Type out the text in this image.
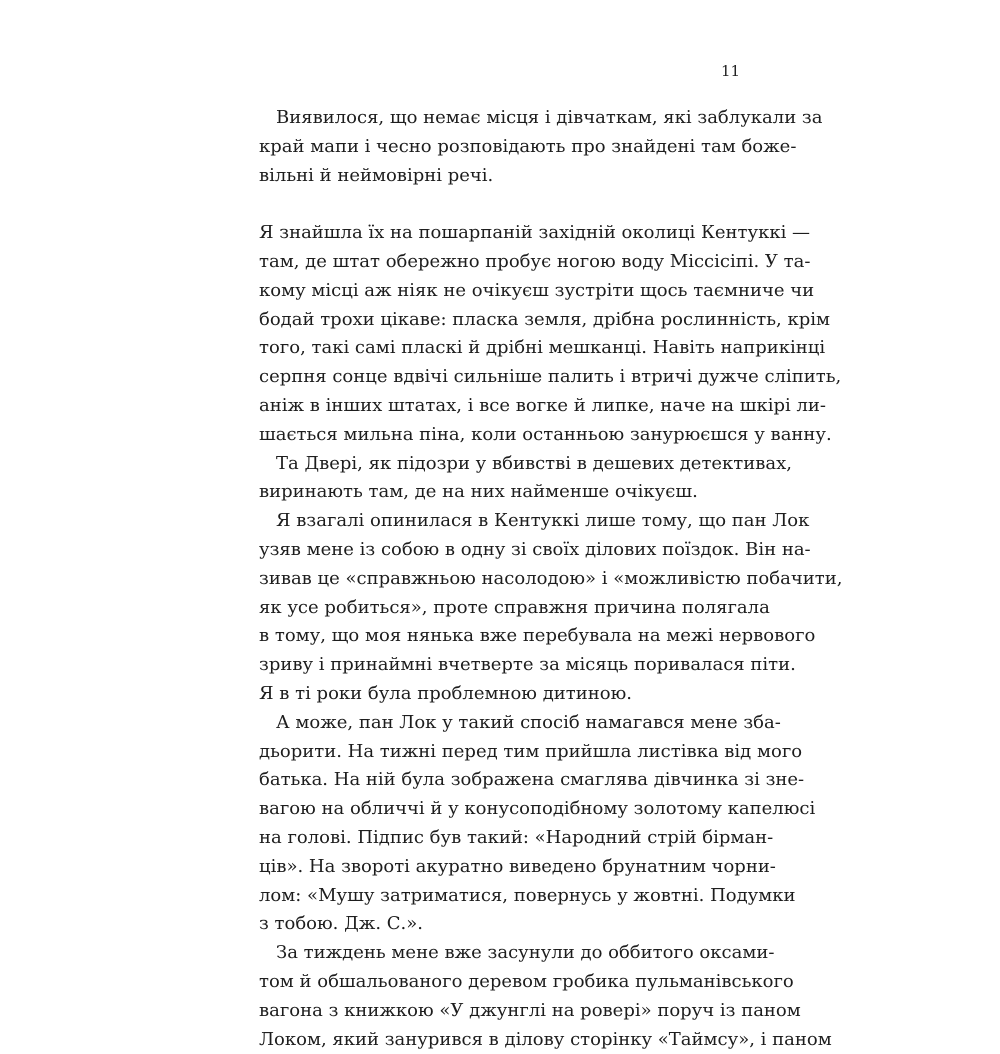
11
Виявилося, що немає місця і дівчаткам, які заблукали за
край мапи і чесно розповідають про знайдені там боже-
вільні й неймовірні речі.
Я знайшла їх на пошарпаній західній околиці Кентуккі —
там, де штат обережно пробує ногою воду Міссісіпі. У та-
кому місці аж ніяк не очікуєш зустріти щось таємниче чи
бодай трохи цікаве: пласка земля, дрібна рослинність, крім
того, такі самі пласкі й дрібні мешканці. Навіть наприкінці
серпня сонце вдвічі сильніше палить і втричі дужче сліпить,
аніж в інших штатах, і все вогке й липке, наче на шкірі ли-
шається мильна піна, коли останньою занурюєшся у ванну.
Та Двері, як підозри у вбивстві в дешевих детективах,
виринають там, де на них найменше очікуєш.
Я взагалі опинилася в Кентуккі лише тому, що пан Лок
узяв мене із собою в одну зі своїх ділових поїздок. Він на-
зивав це «справжньою насолодою» і «можливістю побачити,
як усе робиться», проте справжня причина полягала
в тому, що моя нянька вже перебувала на межі нервового
зриву і принаймні вчетверте за місяць поривалася піти.
Я в ті роки була проблемною дитиною.
А може, пан Лок у такий спосіб намагався мене зба-
дьорити. На тижні перед тим прийшла листівка від мого
батька. На ній була зображена смаглява дівчинка зі зне-
вагою на обличчі й у конусоподібному золотому капелюсі
на голові. Підпис був такий: «Народний стрій бірман-
ців». На звороті акуратно виведено брунатним чорни-
лом: «Мушу затриматися, повернусь у жовтні. Подумки
з тобою. Дж. С.».
За тиждень мене вже засунули до оббитого оксами-
том й обшальованого деревом гробика пульманівського
вагона з книжкою «У джунглі на ровері» поруч із паном
Локом, який занурився в ділову сторінку «Таймсу», і паном
